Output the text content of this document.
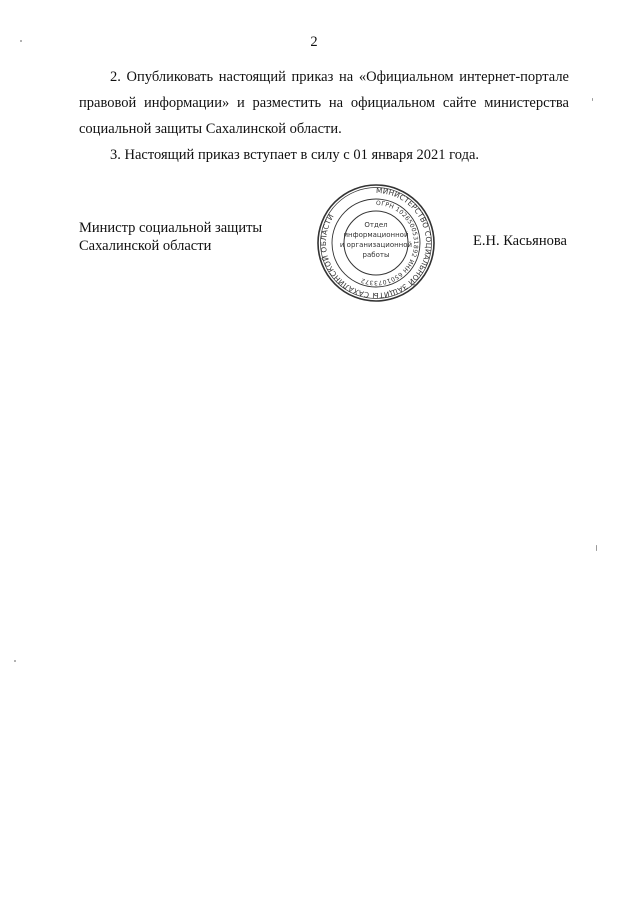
2

2. Опубликовать настоящий приказ на «Официальном интернет-портале правовой информации» и разместить на официальном сайте министерства социальной защиты Сахалинской области.

3. Настоящий приказ вступает в силу с 01 января 2021 года.

Министр социальной защиты
Сахалинской области	Е.Н. Касьянова
МИНИСТЕРСТВО СОЦИАЛЬНОЙ ЗАЩИТЫ САХАЛИНСКОЙ ОБЛАСТИ
ОГРН 1026500531892 ИНН 6501073372
Отдел
информационной
и организационной
работы
